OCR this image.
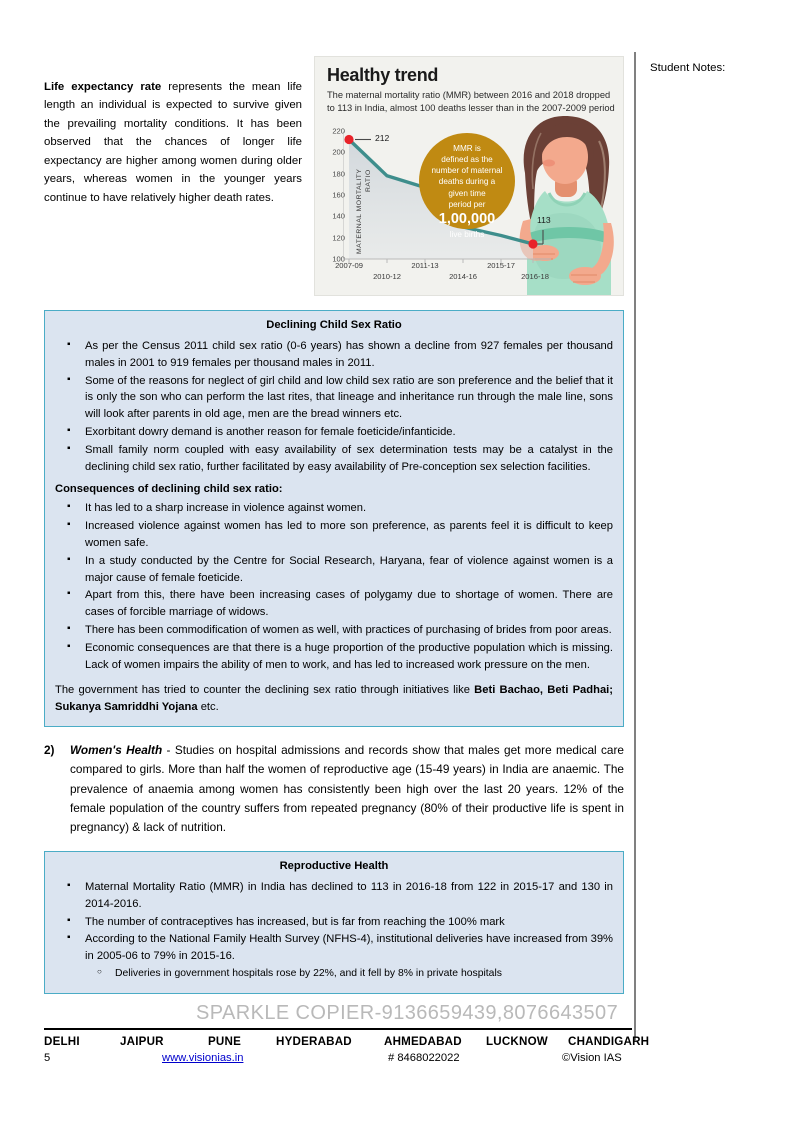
Student Notes:
Life expectancy rate represents the mean life length an individual is expected to survive given the prevailing mortality conditions. It has been observed that the chances of longer life expectancy are higher among women during older years, whereas women in the younger years continue to have relatively higher death rates.
Healthy trend
The maternal mortality ratio (MMR) between 2016 and 2018 dropped to 113 in India, almost 100 deaths lesser than in the 2007-2009 period
100
120
140
160
180
200
220
212
113
MATERNAL MORTALITY RATIO
2007-09
2010-12
2011-13
2014-16
2015-17
2016-18
MMR is
defined as the
number of maternal
deaths during a
given time
period per
1,00,000
live births
Declining Child Sex Ratio
▪ As per the Census 2011 child sex ratio (0-6 years) has shown a decline from 927 females per thousand males in 2001 to 919 females per thousand males in 2011.
▪ Some of the reasons for neglect of girl child and low child sex ratio are son preference and the belief that it is only the son who can perform the last rites, that lineage and inheritance run through the male line, sons will look after parents in old age, men are the bread winners etc.
▪ Exorbitant dowry demand is another reason for female foeticide/infanticide.
▪ Small family norm coupled with easy availability of sex determination tests may be a catalyst in the declining child sex ratio, further facilitated by easy availability of Pre-conception sex selection facilities.
Consequences of declining child sex ratio:
▪ It has led to a sharp increase in violence against women.
▪ Increased violence against women has led to more son preference, as parents feel it is difficult to keep women safe.
▪ In a study conducted by the Centre for Social Research, Haryana, fear of violence against women is a major cause of female foeticide.
▪ Apart from this, there have been increasing cases of polygamy due to shortage of women. There are cases of forcible marriage of widows.
▪ There has been commodification of women as well, with practices of purchasing of brides from poor areas.
▪ Economic consequences are that there is a huge proportion of the productive population which is missing. Lack of women impairs the ability of men to work, and has led to increased work pressure on the men.
The government has tried to counter the declining sex ratio through initiatives like Beti Bachao, Beti Padhai; Sukanya Samriddhi Yojana etc.
2)	Women's Health - Studies on hospital admissions and records show that males get more medical care compared to girls. More than half the women of reproductive age (15-49 years) in India are anaemic. The prevalence of anaemia among women has consistently been high over the last 20 years. 12% of the female population of the country suffers from repeated pregnancy (80% of their productive life is spent in pregnancy) & lack of nutrition.
Reproductive Health
▪ Maternal Mortality Ratio (MMR) in India has declined to 113 in 2016-18 from 122 in 2015-17 and 130 in 2014-2016.
▪ The number of contraceptives has increased, but is far from reaching the 100% mark
▪ According to the National Family Health Survey (NFHS-4), institutional deliveries have increased from 39% in 2005-06 to 79% in 2015-16.
○ Deliveries in government hospitals rose by 22%, and it fell by 8% in private hospitals
SPARKLE COPIER-9136659439,8076643507
DELHI	JAIPUR	PUNE	HYDERABAD	AHMEDABAD LUCKNOW CHANDIGARH
5	www.visionias.in	# 8468022022	©Vision IAS
